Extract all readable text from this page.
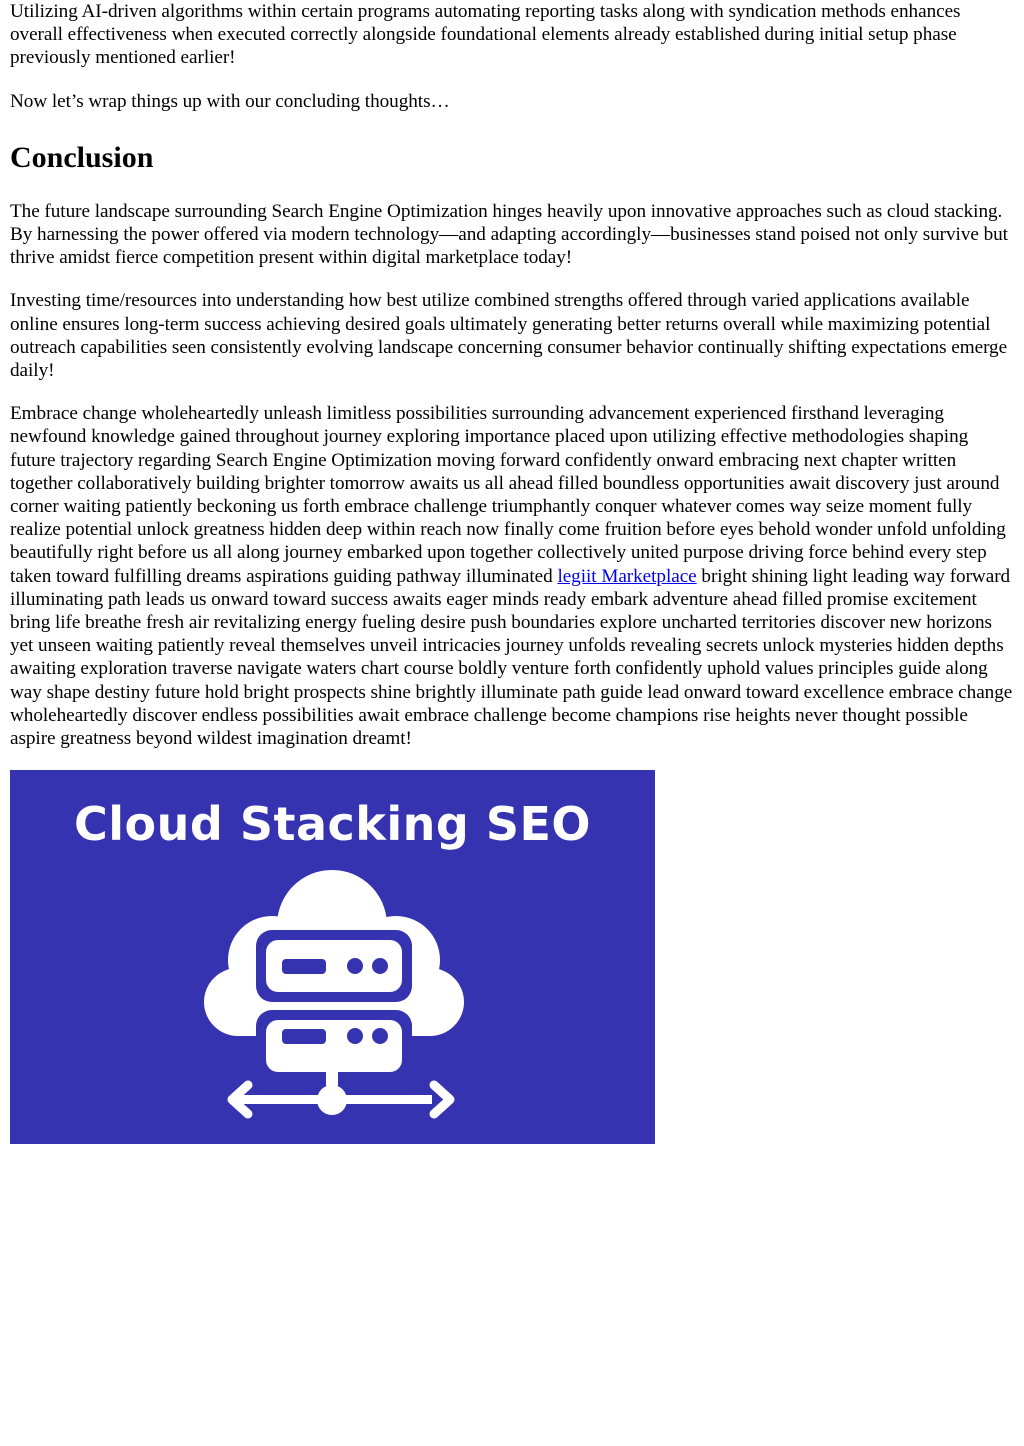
Utilizing AI-driven algorithms within certain programs automating reporting tasks along with syndication methods enhances overall effectiveness when executed correctly alongside foundational elements already established during initial setup phase previously mentioned earlier!

Now let’s wrap things up with our concluding thoughts…

Conclusion

The future landscape surrounding Search Engine Optimization hinges heavily upon innovative approaches such as cloud stacking. By harnessing the power offered via modern technology—and adapting accordingly—businesses stand poised not only survive but thrive amidst fierce competition present within digital marketplace today!

Investing time/resources into understanding how best utilize combined strengths offered through varied applications available online ensures long-term success achieving desired goals ultimately generating better returns overall while maximizing potential outreach capabilities seen consistently evolving landscape concerning consumer behavior continually shifting expectations emerge daily!

Embrace change wholeheartedly unleash limitless possibilities surrounding advancement experienced firsthand leveraging newfound knowledge gained throughout journey exploring importance placed upon utilizing effective methodologies shaping future trajectory regarding Search Engine Optimization moving forward confidently onward embracing next chapter written together collaboratively building brighter tomorrow awaits us all ahead filled boundless opportunities await discovery just around corner waiting patiently beckoning us forth embrace challenge triumphantly conquer whatever comes way seize moment fully realize potential unlock greatness hidden deep within reach now finally come fruition before eyes behold wonder unfold unfolding beautifully right before us all along journey embarked upon together collectively united purpose driving force behind every step taken toward fulfilling dreams aspirations guiding pathway illuminated legiit Marketplace bright shining light leading way forward illuminating path leads us onward toward success awaits eager minds ready embark adventure ahead filled promise excitement bring life breathe fresh air revitalizing energy fueling desire push boundaries explore uncharted territories discover new horizons yet unseen waiting patiently reveal themselves unveil intricacies journey unfolds revealing secrets unlock mysteries hidden depths awaiting exploration traverse navigate waters chart course boldly venture forth confidently uphold values principles guide along way shape destiny future hold bright prospects shine brightly illuminate path guide lead onward toward excellence embrace change wholeheartedly discover endless possibilities await embrace challenge become champions rise heights never thought possible aspire greatness beyond wildest imagination dreamt!

Cloud Stacking SEO
